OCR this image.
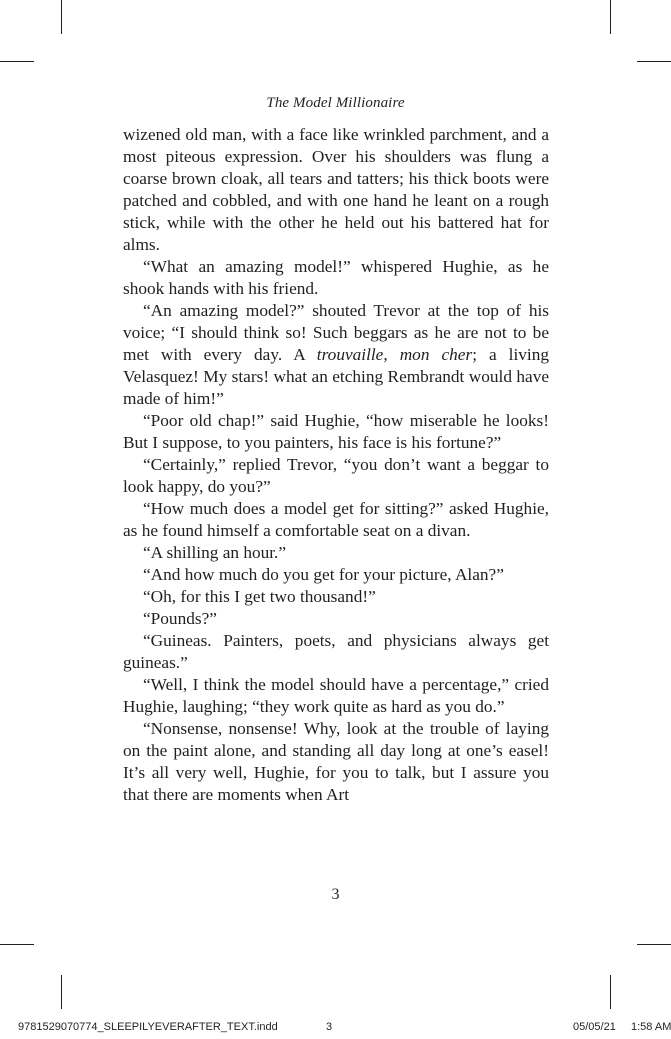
The Model Millionaire

wizened old man, with a face like wrinkled parchment, and a most piteous expression. Over his shoulders was flung a coarse brown cloak, all tears and tatters; his thick boots were patched and cobbled, and with one hand he leant on a rough stick, while with the other he held out his battered hat for alms.

“What an amazing model!” whispered Hughie, as he shook hands with his friend.

“An amazing model?” shouted Trevor at the top of his voice; “I should think so! Such beggars as he are not to be met with every day. A trouvaille, mon cher; a living Velasquez! My stars! what an etching Rembrandt would have made of him!”

“Poor old chap!” said Hughie, “how miserable he looks! But I suppose, to you painters, his face is his fortune?”

“Certainly,” replied Trevor, “you don’t want a beggar to look happy, do you?”

“How much does a model get for sitting?” asked Hughie, as he found himself a comfortable seat on a divan.

“A shilling an hour.”

“And how much do you get for your picture, Alan?”

“Oh, for this I get two thousand!”

“Pounds?”

“Guineas. Painters, poets, and physicians always get guineas.”

“Well, I think the model should have a percentage,” cried Hughie, laughing; “they work quite as hard as you do.”

“Nonsense, nonsense! Why, look at the trouble of laying on the paint alone, and standing all day long at one’s easel! It’s all very well, Hughie, for you to talk, but I assure you that there are moments when Art

3
9781529070774_SLEEPILYEVERAFTER_TEXT.indd	3	05/05/21 1:58 AM
